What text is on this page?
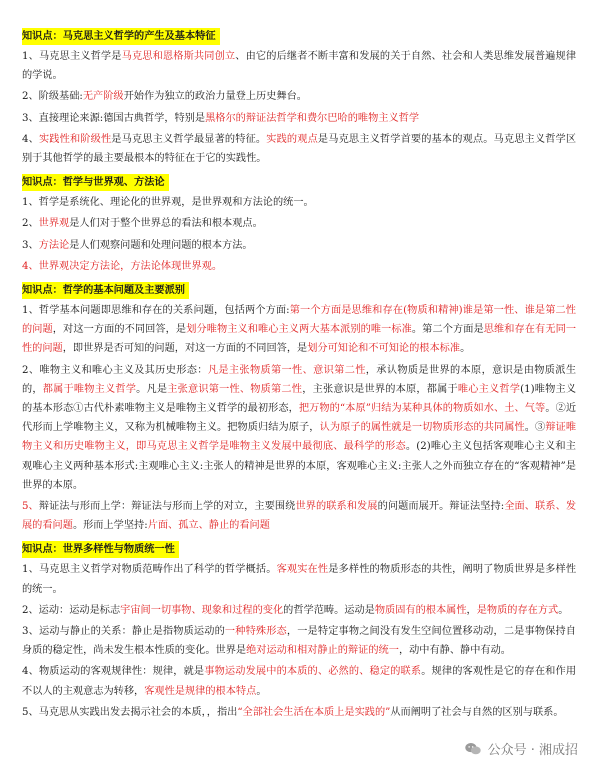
知识点：马克思主义哲学的产生及基本特征
1、马克思主义哲学是马克思和恩格斯共同创立、由它的后继者不断丰富和发展的关于自然、社会和人类思维发展普遍规律的学说。
2、阶级基础:无产阶级开始作为独立的政治力量登上历史舞台。
3、直接理论来源:德国古典哲学，特别是黑格尔的辩证法哲学和费尔巴哈的唯物主义哲学
4、实践性和阶级性是马克思主义哲学最显著的特征。实践的观点是马克思主义哲学首要的基本的观点。马克思主义哲学区别于其他哲学的最主要最根本的特征在于它的实践性。
知识点：哲学与世界观、方法论
1、哲学是系统化、理论化的世界观，是世界观和方法论的统一。
2、世界观是人们对于整个世界总的看法和根本观点。
3、方法论是人们观察问题和处理问题的根本方法。
4、世界观决定方法论，方法论体现世界观。
知识点：哲学的基本问题及主要派别
1、哲学基本问题即思维和存在的关系问题，包括两个方面:第一个方面是思维和存在(物质和精神)谁是第一性、谁是第二性的问题，对这一方面的不同回答，是划分唯物主义和唯心主义两大基本派别的唯一标准。第二个方面是思维和存在有无同一性的问题，即世界是否可知的问题，对这一方面的不同回答，是划分可知论和不可知论的根本标准。
2、唯物主义和唯心主义及其历史形态：凡是主张物质第一性、意识第二性，承认物质是世界的本原，意识是由物质派生的，都属于唯物主义哲学。凡是主张意识第一性、物质第二性，主张意识是世界的本原，都属于唯心主义哲学(1)唯物主义的基本形态①古代朴素唯物主义是唯物主义哲学的最初形态，把万物的“本原”归结为某种具体的物质如水、土、气等。②近代形而上学唯物主义，又称为机械唯物主义。把物质归结为原子，认为原子的属性就是一切物质形态的共同属性。③辩证唯物主义和历史唯物主义，即马克思主义哲学是唯物主义发展中最彻底、最科学的形态。(2)唯心主义包括客观唯心主义和主观唯心主义两种基本形式:主观唯心主义:主张人的精神是世界的本原，客观唯心主义:主张人之外而独立存在的“客观精神”是世界的本原。
5、辩证法与形而上学：辩证法与形而上学的对立，主要围绕世界的联系和发展的问题而展开。辩证法坚持:全面、联系、发展的看问题。形而上学坚持:片面、孤立、静止的看问题
知识点：世界多样性与物质统一性
1、马克思主义哲学对物质范畴作出了科学的哲学概括。客观实在性是多样性的物质形态的共性，阐明了物质世界是多样性的统一。
2、运动：运动是标志宇宙间一切事物、现象和过程的变化的哲学范畴。运动是物质固有的根本属性，是物质的存在方式。
3、运动与静止的关系：静止是指物质运动的一种特殊形态，一是特定事物之间没有发生空间位置移动动，二是事物保持自身质的稳定性，尚未发生根本性质的变化。世界是绝对运动和相对静止的辩证的统一，动中有静、静中有动。
4、物质运动的客观规律性：规律，就是事物运动发展中的本质的、必然的、稳定的联系。规律的客观性是它的存在和作用不以人的主观意志为转移，客观性是规律的根本特点。
5、马克思从实践出发去揭示社会的本质，，指出“全部社会生活在本质上是实践的”从而阐明了社会与自然的区别与联系。
公众号 · 湘成招
